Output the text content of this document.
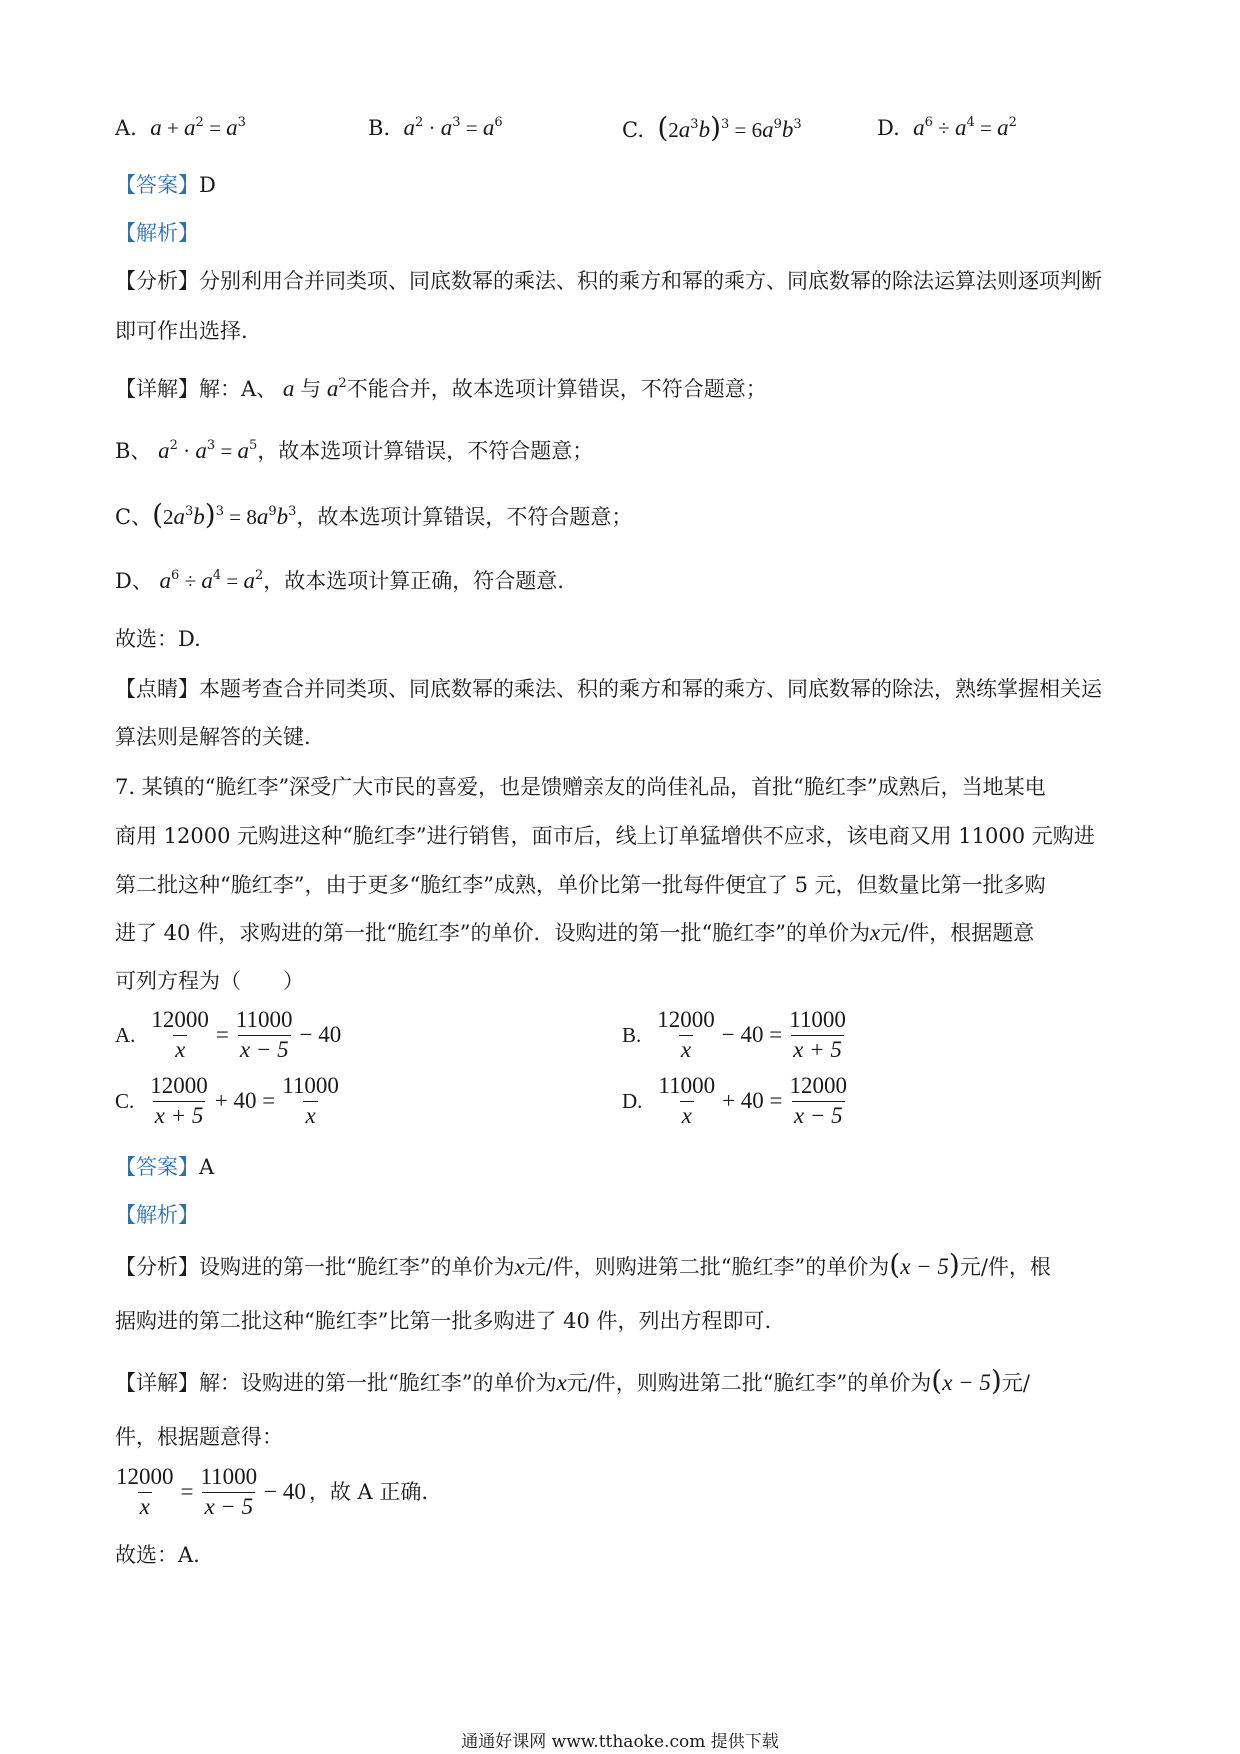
A. $a + a^2 = a^3$	B. $a^2 \cdot a^3 = a^6$	C. $(2a^3b)^3 = 6a^9b^3$	D. $a^6 \div a^4 = a^2$
【答案】D
【解析】
【分析】分别利用合并同类项、同底数幂的乘法、积的乘方和幂的乘方、同底数幂的除法运算法则逐项判断
即可作出选择.
【详解】解：A、 a 与 $a^2$不能合并，故本选项计算错误，不符合题意；
B、 $a^2 \cdot a^3 = a^5$，故本选项计算错误，不符合题意；
C、$(2a^3b)^3 = 8a^9b^3$，故本选项计算错误，不符合题意；
D、 $a^6 \div a^4 = a^2$，故本选项计算正确，符合题意.
故选：D.
【点睛】本题考查合并同类项、同底数幂的乘法、积的乘方和幂的乘方、同底数幂的除法，熟练掌握相关运
算法则是解答的关键.
7. 某镇的“脆红李”深受广大市民的喜爱，也是馈赠亲友的尚佳礼品，首批“脆红李”成熟后，当地某电
商用 12000 元购进这种“脆红李”进行销售，面市后，线上订单猛增供不应求，该电商又用 11000 元购进
第二批这种“脆红李”，由于更多“脆红李”成熟，单价比第一批每件便宜了 5 元，但数量比第一批多购
进了 40 件，求购进的第一批“脆红李”的单价．设购进的第一批“脆红李”的单价为x元/件，根据题意
可列方程为（　　）
A. $\frac{12000}{x} = \frac{11000}{x - 5} - 40$	B. $\frac{12000}{x} - 40 = \frac{11000}{x + 5}$
C. $\frac{12000}{x + 5} + 40 = \frac{11000}{x}$	D. $\frac{11000}{x} + 40 = \frac{12000}{x - 5}$
【答案】A
【解析】
【分析】设购进的第一批“脆红李”的单价为x元/件，则购进第二批“脆红李”的单价为(x − 5)元/件，根
据购进的第二批这种“脆红李”比第一批多购进了 40 件，列出方程即可.
【详解】解：设购进的第一批“脆红李”的单价为x元/件，则购进第二批“脆红李”的单价为(x − 5)元/
件，根据题意得：
$\frac{12000}{x} = \frac{11000}{x - 5} - 40$ ，故 A 正确.
故选：A.
通通好课网 www.tthaoke.com 提供下载
